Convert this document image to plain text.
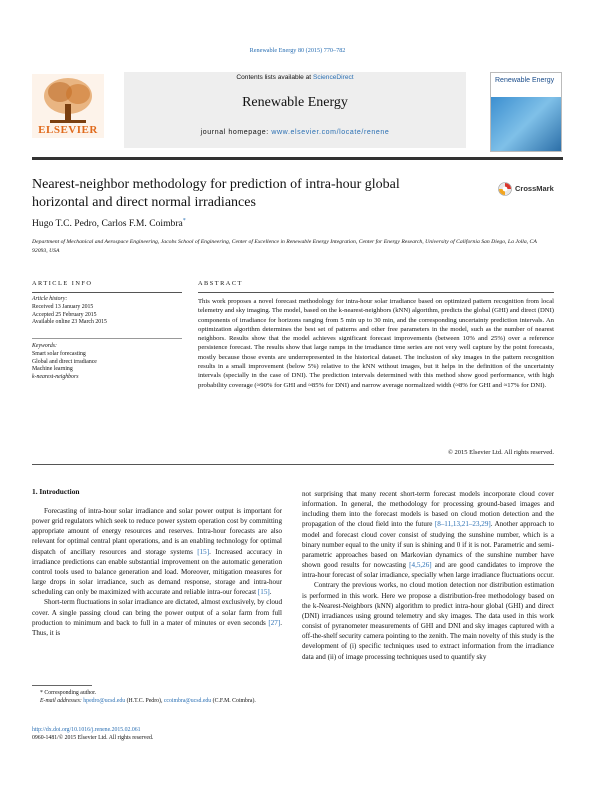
Renewable Energy 80 (2015) 770–782
ELSEVIER
Contents lists available at ScienceDirect
Renewable Energy
journal homepage: www.elsevier.com/locate/renene
Renewable Energy
Nearest-neighbor methodology for prediction of intra-hour global horizontal and direct normal irradiances
CrossMark
Hugo T.C. Pedro, Carlos F.M. Coimbra*
Department of Mechanical and Aerospace Engineering, Jacobs School of Engineering, Center of Excellence in Renewable Energy Integration, Center for Energy Research, University of California San Diego, La Jolla, CA 92093, USA
ARTICLE INFO	ABSTRACT
Article history:
Received 13 January 2015
Accepted 25 February 2015
Available online 23 March 2015
Keywords:
Smart solar forecasting
Global and direct irradiance
Machine learning
k-nearest-neighbors
This work proposes a novel forecast methodology for intra-hour solar irradiance based on optimized pattern recognition from local telemetry and sky imaging. The model, based on the k-nearest-neighbors (kNN) algorithm, predicts the global (GHI) and direct (DNI) components of irradiance for horizons ranging from 5 min up to 30 min, and the corresponding uncertainty prediction intervals. An optimization algorithm determines the best set of patterns and other free parameters in the model, such as the number of nearest neighbors. Results show that the model achieves significant forecast improvements (between 10% and 25%) over a reference persistence forecast. The results show that large ramps in the irradiance time series are not very well capture by the point forecasts, mostly because those events are underrepresented in the historical dataset. The inclusion of sky images in the pattern recognition results in a small improvement (below 5%) relative to the kNN without images, but it helps in the definition of the uncertainty intervals (specially in the case of DNI). The prediction intervals determined with this method show good performance, with high probability coverage (≈90% for GHI and ≈85% for DNI) and narrow average normalized width (≈8% for GHI and ≈17% for DNI).
© 2015 Elsevier Ltd. All rights reserved.
1. Introduction

Forecasting of intra-hour solar irradiance and solar power output is important for power grid regulators which seek to reduce power system operation cost by committing appropriate amount of energy resources and reserves. Intra-hour forecasts are also relevant for optimal central plant operations, and is an enabling technology for optimal dispatch of ancillary resources and storage systems [15]. Increased accuracy in irradiance predictions can enable substantial improvement on the automatic generation control tools used to balance generation and load. Moreover, mitigation measures for large drops in solar irradiance, such as demand response, storage and intra-hour scheduling can only be maximized with accurate and reliable intra-our forecast [15].

Short-term fluctuations in solar irradiance are dictated, almost exclusively, by cloud cover. A single passing cloud can bring the power output of a solar farm from full production to minimum and back to full in a mater of minutes or even seconds [27]. Thus, it is

not surprising that many recent short-term forecast models incorporate cloud cover information. In general, the methodology for processing ground-based images and including them into the forecast models is based on cloud motion detection and the propagation of the cloud field into the future [8–11,13,21–23,29]. Another approach to model and forecast cloud cover consist of studying the sunshine number, which is a binary number equal to the unity if sun is shining and 0 if it is not. Parametric and semi-parametric approaches based on Markovian dynamics of the sunshine number have shown good results for nowcasting [4,5,26] and are good candidates to improve the intra-hour forecast of solar irradiance, specially when large irradiance fluctuations occur.

Contrary the previous works, no cloud motion detection nor distribution estimation is performed in this work. Here we propose a distribution-free methodology based on the k-Nearest-Neighbors (kNN) algorithm to predict intra-hour global (GHI) and direct (DNI) irradiances using ground telemetry and sky images. The data used in this work consist of pyranometer measurements of GHI and DNI and sky images captured with a off-the-shelf security camera pointing to the zenith. The main novelty of this study is the development of (i) specific techniques used to extract information from the irradiance data and (ii) of image processing techniques used to quantify sky

* Corresponding author.
E-mail addresses: hpedro@ucsd.edu (H.T.C. Pedro), ccoimbra@ucsd.edu (C.F.M. Coimbra).
http://dx.doi.org/10.1016/j.renene.2015.02.061
0960-1481/© 2015 Elsevier Ltd. All rights reserved.
